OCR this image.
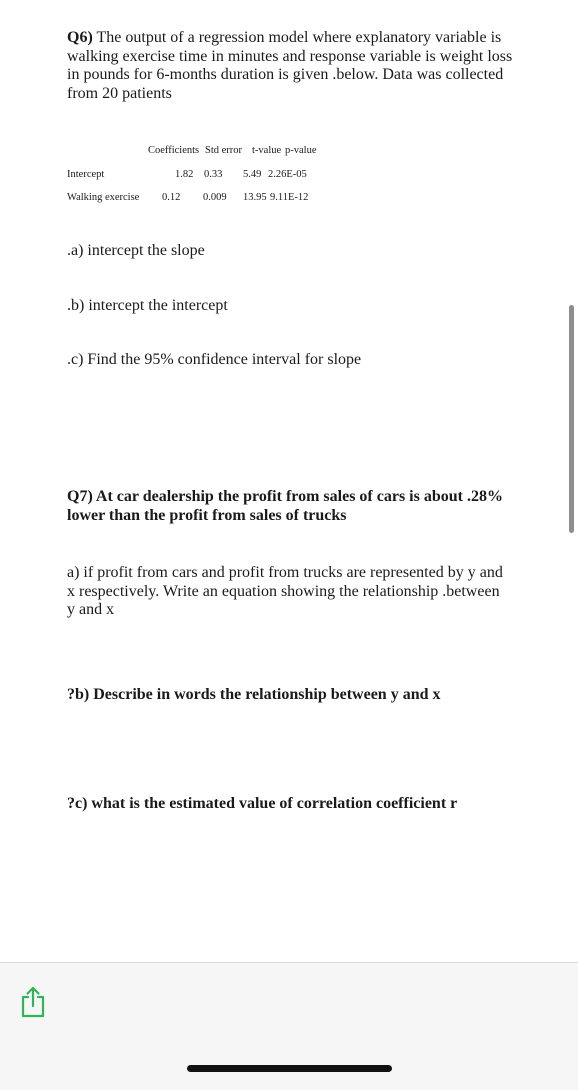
Q6) The output of a regression model where explanatory variable is walking exercise time in minutes and response variable is weight loss in pounds for 6-months duration is given .below. Data was collected from 20 patients

Coefficients Std error t-value p-value
Intercept	1.82 0.33 5.49 2.26E-05
Walking exercise 0.12 0.009 13.95 9.11E-12

.a) intercept the slope

.b) intercept the intercept

.c) Find the 95% confidence interval for slope

Q7) At car dealership the profit from sales of cars is about .28% lower than the profit from sales of trucks

a) if profit from cars and profit from trucks are represented by y and x respectively. Write an equation showing the relationship .between y and x

?b) Describe in words the relationship between y and x

?c) what is the estimated value of correlation coefficient r
